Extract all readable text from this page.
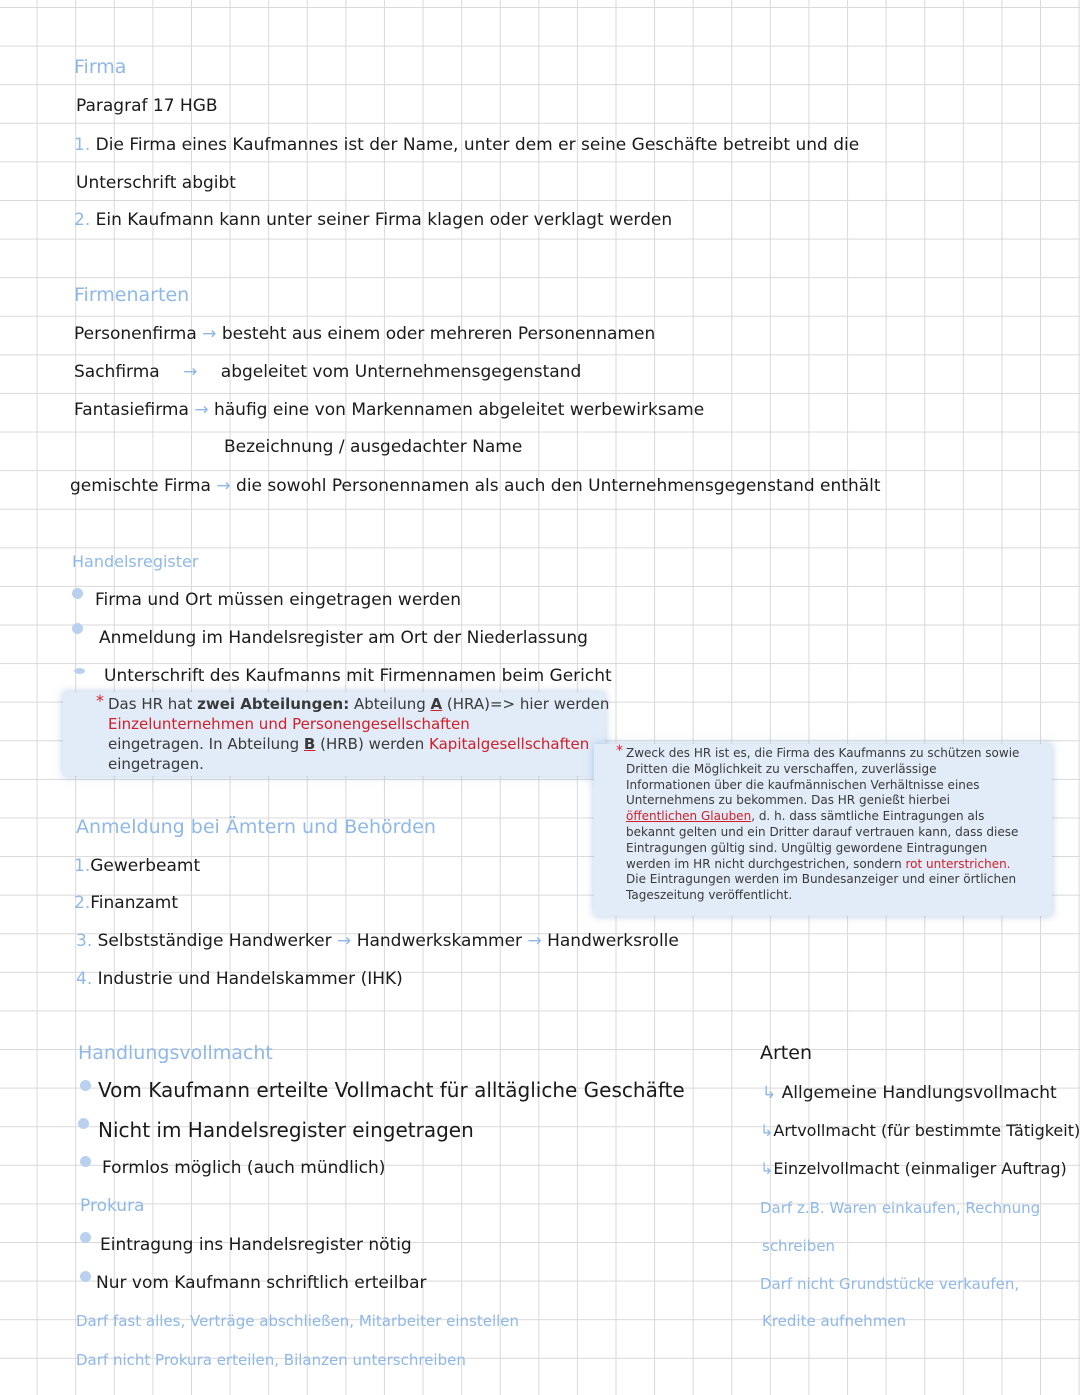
Firma
Paragraf 17 HGB
1. Die Firma eines Kaufmannes ist der Name, unter dem er seine Geschäfte betreibt und die
Unterschrift abgibt
2. Ein Kaufmann kann unter seiner Firma klagen oder verklagt werden
Firmenarten
Personenfirma → besteht aus einem oder mehreren Personennamen
Sachfirma → abgeleitet vom Unternehmensgegenstand
Fantasiefirma → häufig eine von Markennamen abgeleitet werbewirksame
Bezeichnung / ausgedachter Name
gemischte Firma → die sowohl Personennamen als auch den Unternehmensgegenstand enthält
Handelsregister
Firma und Ort müssen eingetragen werden
Anmeldung im Handelsregister am Ort der Niederlassung
Unterschrift des Kaufmanns mit Firmennamen beim Gericht
* Das HR hat zwei Abteilungen: Abteilung A (HRA)=> hier werden
Einzelunternehmen und Personengesellschaften
eingetragen. In Abteilung B (HRB) werden Kapitalgesellschaften
eingetragen.
* Zweck des HR ist es, die Firma des Kaufmanns zu schützen sowie
Dritten die Möglichkeit zu verschaffen, zuverlässige
Informationen über die kaufmännischen Verhältnisse eines
Unternehmens zu bekommen. Das HR genießt hierbei
öffentlichen Glauben, d. h. dass sämtliche Eintragungen als
bekannt gelten und ein Dritter darauf vertrauen kann, dass diese
Eintragungen gültig sind. Ungültig gewordene Eintragungen
werden im HR nicht durchgestrichen, sondern rot unterstrichen.
Die Eintragungen werden im Bundesanzeiger und einer örtlichen
Tageszeitung veröffentlicht.
Anmeldung bei Ämtern und Behörden
1.Gewerbeamt
2.Finanzamt
3. Selbstständige Handwerker → Handwerkskammer → Handwerksrolle
4. Industrie und Handelskammer (IHK)
Handlungsvollmacht
Vom Kaufmann erteilte Vollmacht für alltägliche Geschäfte
Nicht im Handelsregister eingetragen
Formlos möglich (auch mündlich)
Prokura
Eintragung ins Handelsregister nötig
Nur vom Kaufmann schriftlich erteilbar
Darf fast alles, Verträge abschließen, Mitarbeiter einstellen
Darf nicht Prokura erteilen, Bilanzen unterschreiben
Arten
↳ Allgemeine Handlungsvollmacht
↳Artvollmacht (für bestimmte Tätigkeit)
↳Einzelvollmacht (einmaliger Auftrag)
Darf z.B. Waren einkaufen, Rechnung
schreiben
Darf nicht Grundstücke verkaufen,
Kredite aufnehmen
